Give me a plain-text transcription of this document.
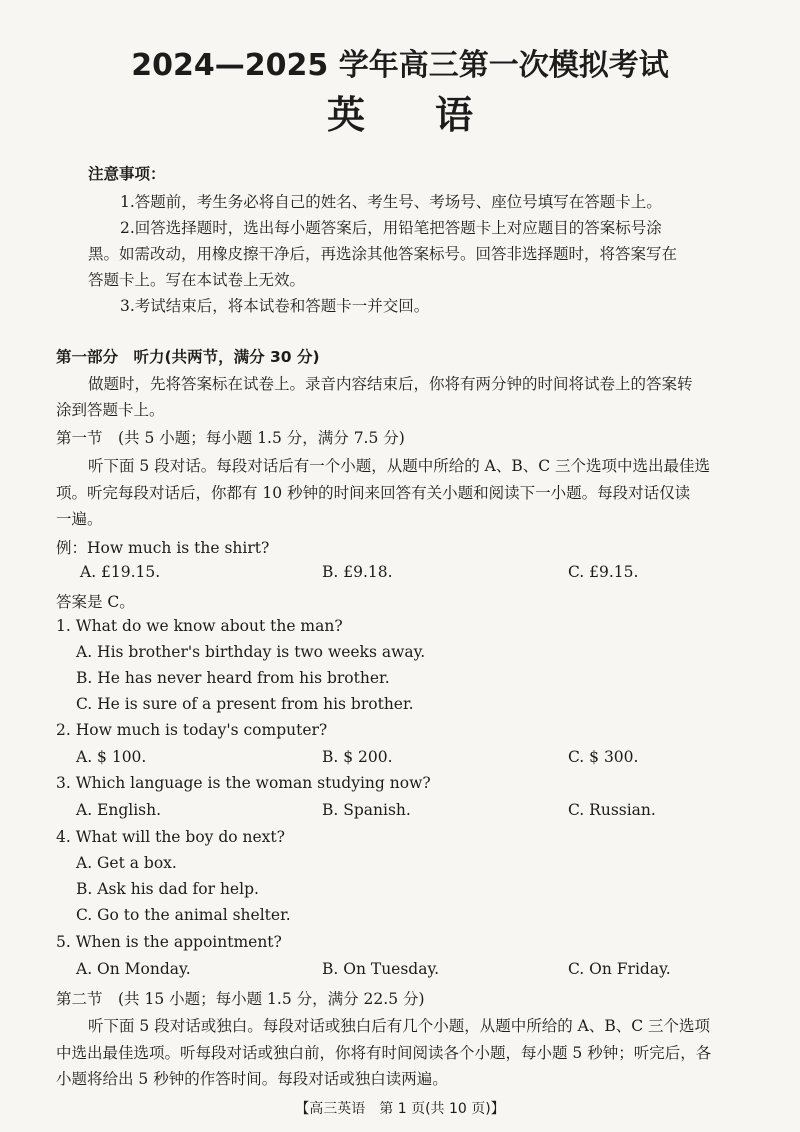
2024—2025 学年高三第一次模拟考试
英语
注意事项：
1.答题前，考生务必将自己的姓名、考生号、考场号、座位号填写在答题卡上。
2.回答选择题时，选出每小题答案后，用铅笔把答题卡上对应题目的答案标号涂
黑。如需改动，用橡皮擦干净后，再选涂其他答案标号。回答非选择题时，将答案写在
答题卡上。写在本试卷上无效。
3.考试结束后，将本试卷和答题卡一并交回。
第一部分　听力(共两节，满分 30 分)
做题时，先将答案标在试卷上。录音内容结束后，你将有两分钟的时间将试卷上的答案转
涂到答题卡上。
第一节　(共 5 小题；每小题 1.5 分，满分 7.5 分)
听下面 5 段对话。每段对话后有一个小题，从题中所给的 A、B、C 三个选项中选出最佳选
项。听完每段对话后，你都有 10 秒钟的时间来回答有关小题和阅读下一小题。每段对话仅读
一遍。
例：How much is the shirt?
A. £19.15.	B. £9.18.	C. £9.15.
答案是 C。
1. What do we know about the man?
A. His brother's birthday is two weeks away.
B. He has never heard from his brother.
C. He is sure of a present from his brother.
2. How much is today's computer?
A. $ 100.	B. $ 200.	C. $ 300.
3. Which language is the woman studying now?
A. English.	B. Spanish.	C. Russian.
4. What will the boy do next?
A. Get a box.
B. Ask his dad for help.
C. Go to the animal shelter.
5. When is the appointment?
A. On Monday.	B. On Tuesday.	C. On Friday.
第二节　(共 15 小题；每小题 1.5 分，满分 22.5 分)
听下面 5 段对话或独白。每段对话或独白后有几个小题，从题中所给的 A、B、C 三个选项
中选出最佳选项。听每段对话或独白前，你将有时间阅读各个小题，每小题 5 秒钟；听完后，各
小题将给出 5 秒钟的作答时间。每段对话或独白读两遍。
【高三英语　第 1 页(共 10 页)】
